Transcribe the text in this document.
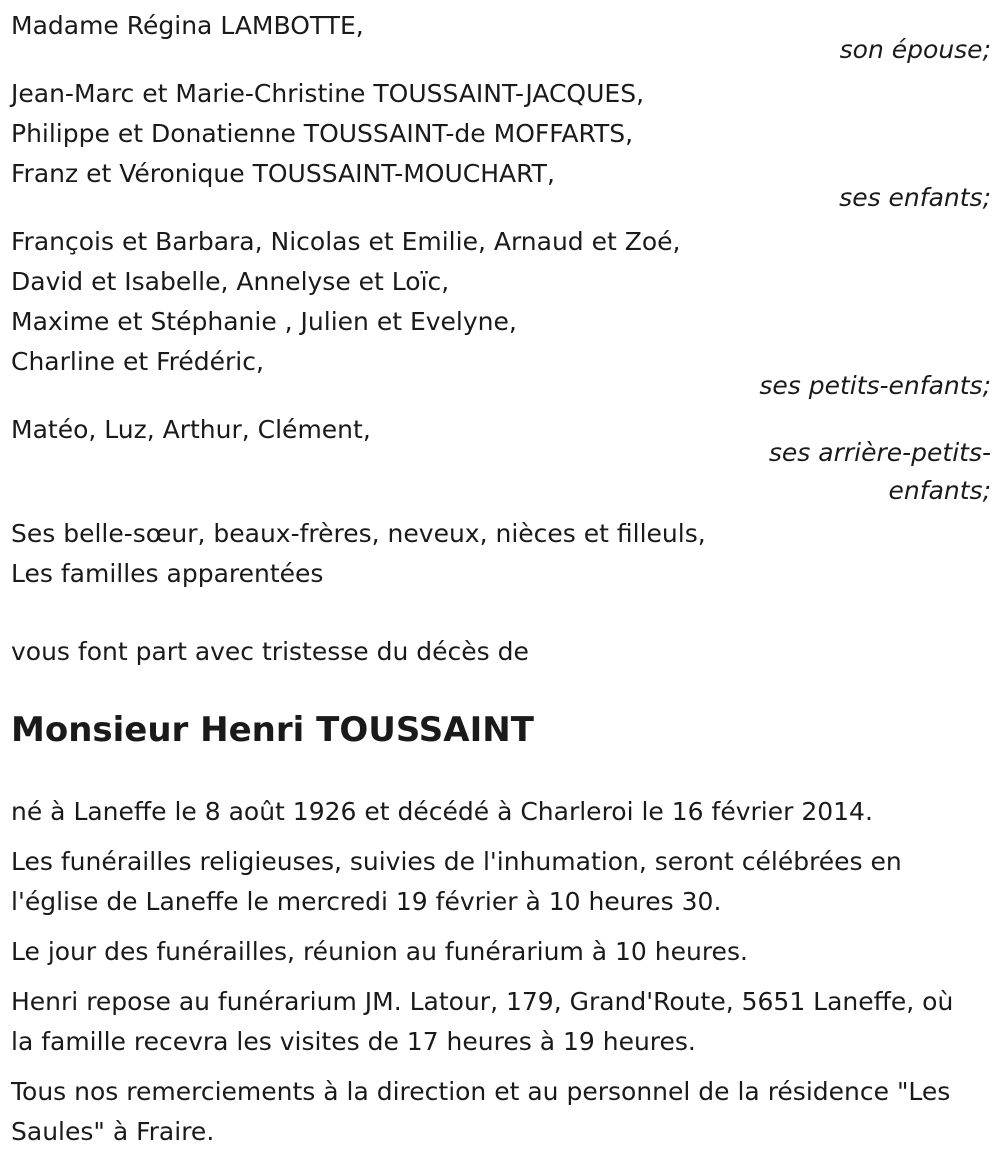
Madame Régina LAMBOTTE,
son épouse;
Jean-Marc et Marie-Christine TOUSSAINT-JACQUES,
Philippe et Donatienne TOUSSAINT-de MOFFARTS,
Franz et Véronique TOUSSAINT-MOUCHART,
ses enfants;
François et Barbara, Nicolas et Emilie, Arnaud et Zoé,
David et Isabelle, Annelyse et Loïc,
Maxime et Stéphanie , Julien et Evelyne,
Charline et Frédéric,
ses petits-enfants;
Matéo, Luz, Arthur, Clément,
ses arrière-petits-
enfants;
Ses belle-sœur, beaux-frères, neveux, nièces et filleuls,
Les familles apparentées
vous font part avec tristesse du décès de
Monsieur Henri TOUSSAINT
né à Laneffe le 8 août 1926 et décédé à Charleroi le 16 février 2014.
Les funérailles religieuses, suivies de l'inhumation, seront célébrées en l'église de Laneffe le mercredi 19 février à 10 heures 30.
Le jour des funérailles, réunion au funérarium à 10 heures.
Henri repose au funérarium JM. Latour, 179, Grand'Route, 5651 Laneffe, où la famille recevra les visites de 17 heures à 19 heures.
Tous nos remerciements à la direction et au personnel de la résidence "Les Saules" à Fraire.
